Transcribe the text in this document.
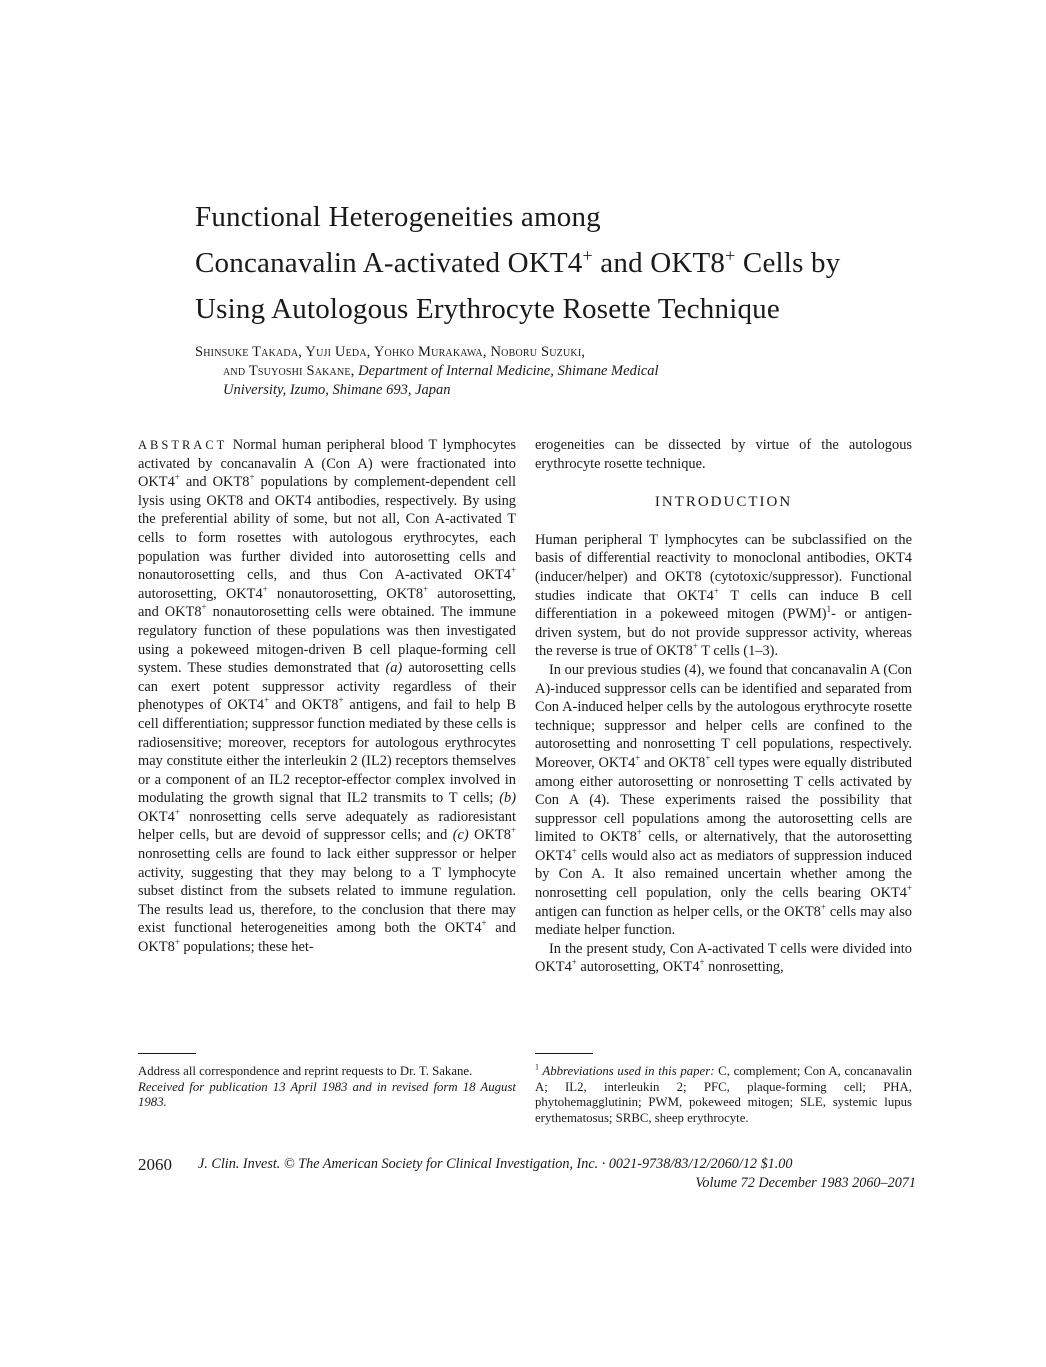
Functional Heterogeneities among
Concanavalin A-activated OKT4+ and OKT8+ Cells by
Using Autologous Erythrocyte Rosette Technique
Shinsuke Takada, Yuji Ueda, Yohko Murakawa, Noboru Suzuki,
and Tsuyoshi Sakane, Department of Internal Medicine, Shimane Medical
University, Izumo, Shimane 693, Japan

ABSTRACT Normal human peripheral blood T lymphocytes activated by concanavalin A (Con A) were fractionated into OKT4+ and OKT8+ populations by complement-dependent cell lysis using OKT8 and OKT4 antibodies, respectively. By using the preferential ability of some, but not all, Con A-activated T cells to form rosettes with autologous erythrocytes, each population was further divided into autorosetting cells and nonautorosetting cells, and thus Con A-activated OKT4+ autorosetting, OKT4+ nonautorosetting, OKT8+ autorosetting, and OKT8+ nonautorosetting cells were obtained. The immune regulatory function of these populations was then investigated using a pokeweed mitogen-driven B cell plaque-forming cell system. These studies demonstrated that (a) autorosetting cells can exert potent suppressor activity regardless of their phenotypes of OKT4+ and OKT8+ antigens, and fail to help B cell differentiation; suppressor function mediated by these cells is radiosensitive; moreover, receptors for autologous erythrocytes may constitute either the interleukin 2 (IL2) receptors themselves or a component of an IL2 receptor-effector complex involved in modulating the growth signal that IL2 transmits to T cells; (b) OKT4+ nonrosetting cells serve adequately as radioresistant helper cells, but are devoid of suppressor cells; and (c) OKT8+ nonrosetting cells are found to lack either suppressor or helper activity, suggesting that they may belong to a T lymphocyte subset distinct from the subsets related to immune regulation. The results lead us, therefore, to the conclusion that there may exist functional heterogeneities among both the OKT4+ and OKT8+ populations; these het-

erogeneities can be dissected by virtue of the autologous erythrocyte rosette technique.

INTRODUCTION

Human peripheral T lymphocytes can be subclassified on the basis of differential reactivity to monoclonal antibodies, OKT4 (inducer/helper) and OKT8 (cytotoxic/suppressor). Functional studies indicate that OKT4+ T cells can induce B cell differentiation in a pokeweed mitogen (PWM)$^1$- or antigen-driven system, but do not provide suppressor activity, whereas the reverse is true of OKT8+ T cells (1–3).

In our previous studies (4), we found that concanavalin A (Con A)-induced suppressor cells can be identified and separated from Con A-induced helper cells by the autologous erythrocyte rosette technique; suppressor and helper cells are confined to the autorosetting and nonrosetting T cell populations, respectively. Moreover, OKT4+ and OKT8+ cell types were equally distributed among either autorosetting or nonrosetting T cells activated by Con A (4). These experiments raised the possibility that suppressor cell populations among the autorosetting cells are limited to OKT8+ cells, or alternatively, that the autorosetting OKT4+ cells would also act as mediators of suppression induced by Con A. It also remained uncertain whether among the nonrosetting cell population, only the cells bearing OKT4+ antigen can function as helper cells, or the OKT8+ cells may also mediate helper function.

In the present study, Con A-activated T cells were divided into OKT4+ autorosetting, OKT4+ nonrosetting,

Address all correspondence and reprint requests to Dr. T. Sakane.

Received for publication 13 April 1983 and in revised form 18 August 1983.

$^1$ Abbreviations used in this paper: C, complement; Con A, concanavalin A; IL2, interleukin 2; PFC, plaque-forming cell; PHA, phytohemagglutinin; PWM, pokeweed mitogen; SLE, systemic lupus erythematosus; SRBC, sheep erythrocyte.

2060 J. Clin. Invest. © The American Society for Clinical Investigation, Inc. · 0021-9738/83/12/2060/12 $1.00
Volume 72 December 1983 2060–2071
